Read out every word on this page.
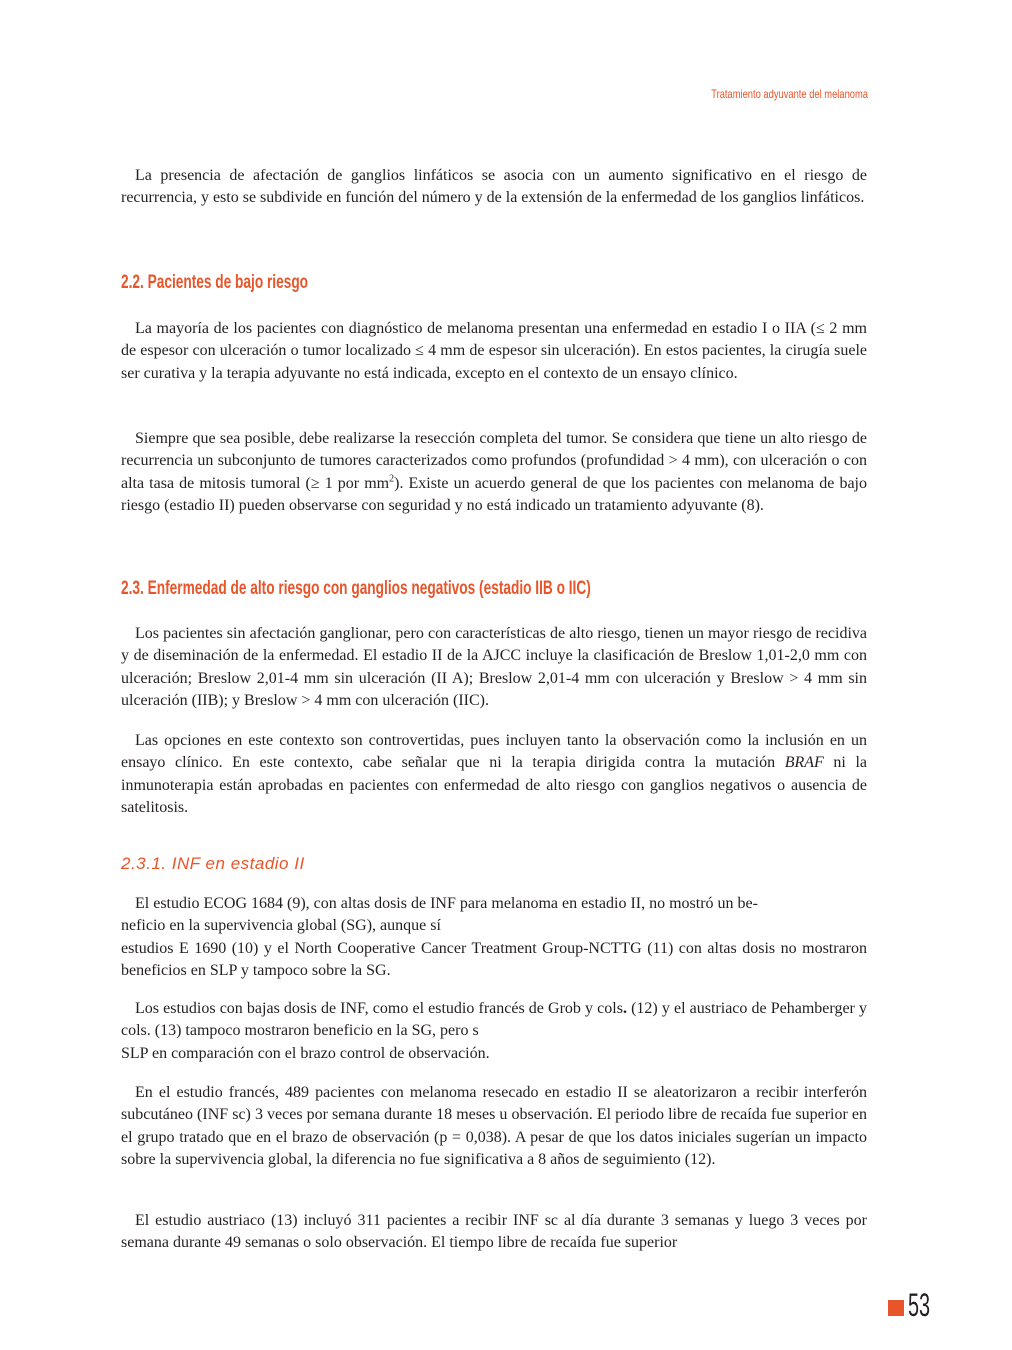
Tratamiento adyuvante del melanoma
La presencia de afectación de ganglios linfáticos se asocia con un aumento significativo en el riesgo de recurrencia, y esto se subdivide en función del número y de la extensión de la enfermedad de los ganglios linfáticos.
2.2. Pacientes de bajo riesgo
La mayoría de los pacientes con diagnóstico de melanoma presentan una enfermedad en estadio I o IIA (≤ 2 mm de espesor con ulceración o tumor localizado ≤ 4 mm de espesor sin ulceración). En estos pacientes, la cirugía suele ser curativa y la terapia adyuvante no está indicada, excepto en el contexto de un ensayo clínico.
Siempre que sea posible, debe realizarse la resección completa del tumor. Se considera que tiene un alto riesgo de recurrencia un subconjunto de tumores caracterizados como profundos (profundidad > 4 mm), con ulceración o con alta tasa de mitosis tumoral (≥ 1 por $mm^2$). Existe un acuerdo general de que los pacientes con melanoma de bajo riesgo (estadio II) pueden observarse con seguridad y no está indicado un tratamiento adyuvante (8).
2.3. Enfermedad de alto riesgo con ganglios negativos (estadio IIB o IIC)
Los pacientes sin afectación ganglionar, pero con características de alto riesgo, tienen un mayor riesgo de recidiva y de diseminación de la enfermedad. El estadio II de la AJCC incluye la clasificación de Breslow 1,01-2,0 mm con ulceración; Breslow 2,01-4 mm sin ulceración (II A); Breslow 2,01-4 mm con ulceración y Breslow > 4 mm sin ulceración (IIB); y Breslow > 4 mm con ulceración (IIC).
Las opciones en este contexto son controvertidas, pues incluyen tanto la observación como la inclusión en un ensayo clínico. En este contexto, cabe señalar que ni la terapia dirigida contra la mutación BRAF ni la inmunoterapia están aprobadas en pacientes con enfermedad de alto riesgo con ganglios negativos o ausencia de satelitosis.
2.3.1. INF en estadio II
El estudio ECOG 1684 (9), con altas dosis de INF para melanoma en estadio II, no mostró un be-
neficio en la supervivencia global (SG), aunque sí
estudios E 1690 (10) y el North Cooperative Cancer Treatment Group-NCTTG (11) con altas dosis no mostraron beneficios en SLP y tampoco sobre la SG.
Los estudios con bajas dosis de INF, como el estudio francés de Grob y cols. (12) y el austriaco de Pehamberger y cols. (13) tampoco mostraron beneficio en la SG, pero s
SLP en comparación con el brazo control de observación.
En el estudio francés, 489 pacientes con melanoma resecado en estadio II se aleatorizaron a recibir interferón subcutáneo (INF sc) 3 veces por semana durante 18 meses u observación. El periodo libre de recaída fue superior en el grupo tratado que en el brazo de observación (p = 0,038). A pesar de que los datos iniciales sugerían un impacto sobre la supervivencia global, la diferencia no fue significativa a 8 años de seguimiento (12).
El estudio austriaco (13) incluyó 311 pacientes a recibir INF sc al día durante 3 semanas y luego 3 veces por semana durante 49 semanas o solo observación. El tiempo libre de recaída fue superior
53
